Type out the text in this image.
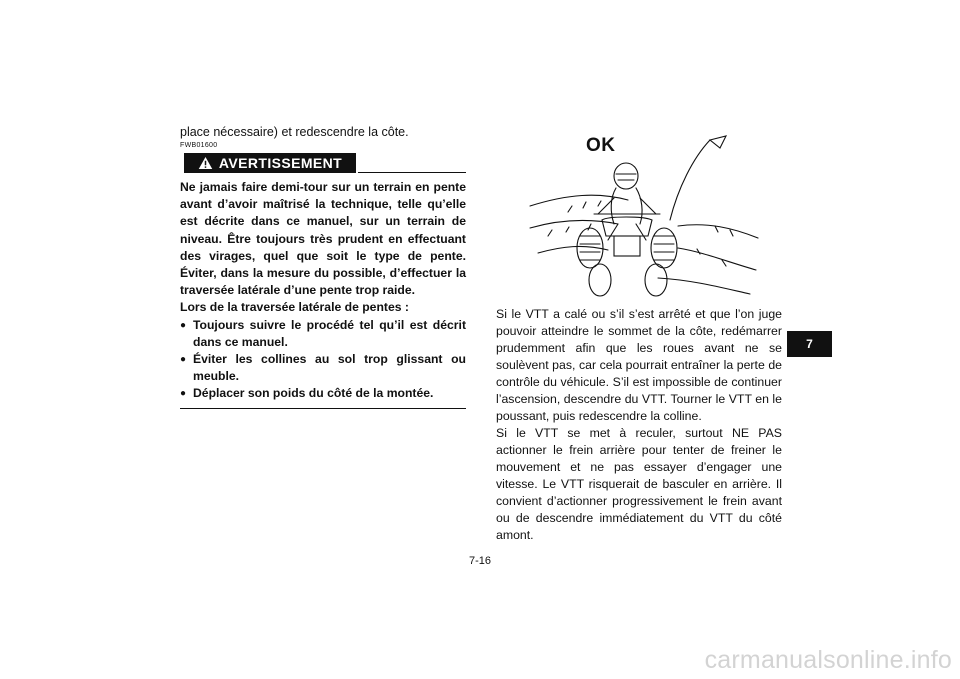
place nécessaire) et redescendre la côte.

FWB01600
AVERTISSEMENT

Ne jamais faire demi-tour sur un terrain en pente avant d’avoir maîtrisé la technique, telle qu’elle est décrite dans ce manuel, sur un terrain de niveau. Être toujours très prudent en effectuant des virages, quel que soit le type de pente. Éviter, dans la mesure du possible, d’effectuer la traversée latérale d’une pente trop raide.

Lors de la traversée latérale de pentes :

● Toujours suivre le procédé tel qu’il est décrit dans ce manuel.
● Éviter les collines au sol trop glissant ou meuble.
● Déplacer son poids du côté de la montée.
OK

Si le VTT a calé ou s’il s’est arrêté et que l’on juge pouvoir atteindre le sommet de la côte, redémarrer prudemment afin que les roues avant ne se soulèvent pas, car cela pourrait entraîner la perte de contrôle du véhicule. S’il est impossible de continuer l’ascension, descendre du VTT. Tourner le VTT en le poussant, puis redescendre la colline.

Si le VTT se met à reculer, surtout NE PAS actionner le frein arrière pour tenter de freiner le mouvement et ne pas essayer d’engager une vitesse. Le VTT risquerait de basculer en arrière. Il convient d’actionner progressivement le frein avant ou de descendre immédiatement du VTT du côté amont.

7
7-16
carmanualsonline.info
